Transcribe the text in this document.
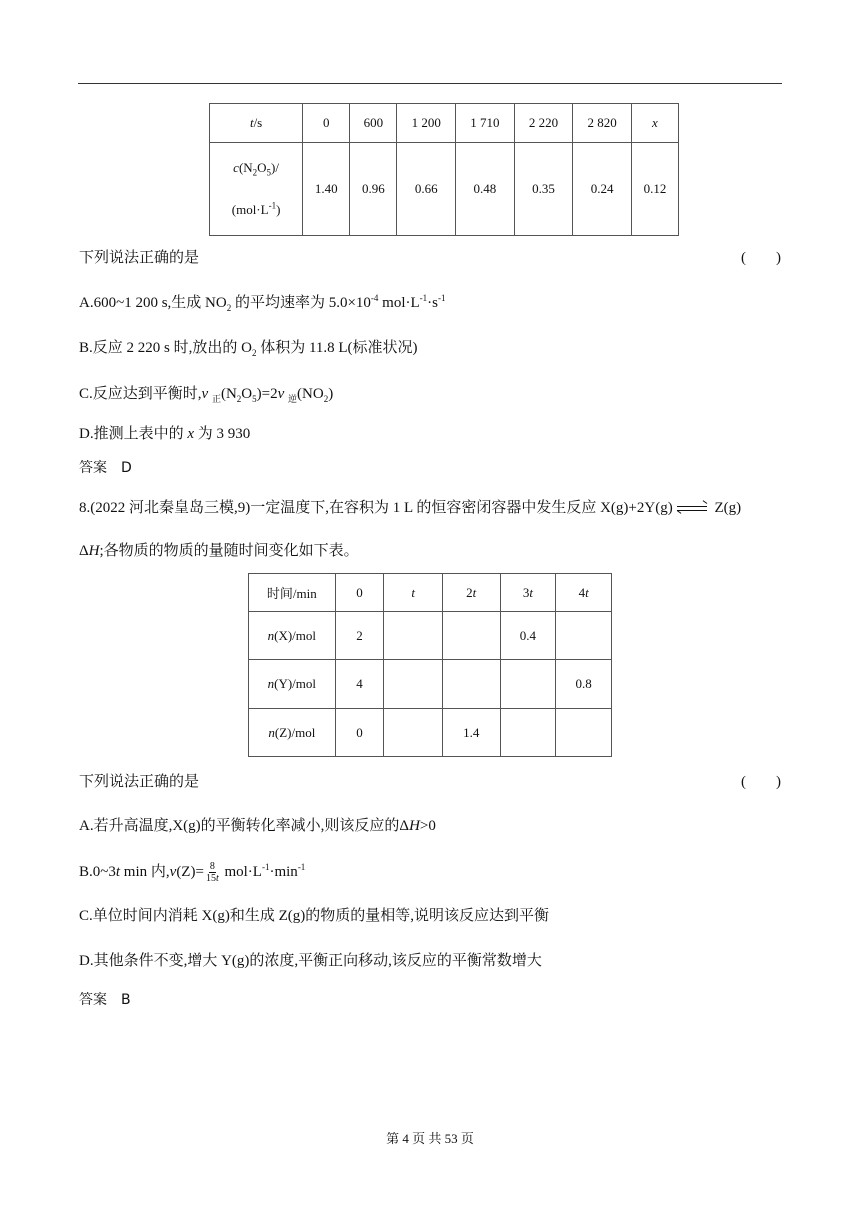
t/s	0	600	1 200	1 710	2 220	2 820	x

$c(N_2O_5)/$
$(mol\cdot L^{-1})$	1.40	0.96	0.66	0.48	0.35	0.24	0.12
下列说法正确的是	(　　)
A.600~1 200 s,生成 $NO_2$ 的平均速率为 $5.0\times 10^{-4}$ $mol\cdot L^{-1}\cdot s^{-1}$
B.反应 2 220 s 时,放出的 $O_2$ 体积为 11.8 L(标准状况)
C.反应达到平衡时,v $_正(N_2O_5)=2v$ $_逆(NO_2)$
D.推测上表中的 x 为 3 930
答案　D
8.(2022 河北秦皇岛三模,9)一定温度下,在容积为 1 L 的恒容密闭容器中发生反应 X(g)+2Y(g)	Z(g)
ΔH;各物质的物质的量随时间变化如下表。
时间/min	0	t	2t	3t	4t
n(X)/mol	2			0.4	
n(Y)/mol	4				0.8
n(Z)/mol	0		1.4		
下列说法正确的是	(　　)
A.若升高温度,X(g)的平衡转化率减小,则该反应的ΔH>0
B.0~3t min 内$,v(Z)= \frac{8}{15t} mol\cdot L^{-1}\cdot\min^{-1}$
C.单位时间内消耗 X(g)和生成 Z(g)的物质的量相等,说明该反应达到平衡
D.其他条件不变,增大 Y(g)的浓度,平衡正向移动,该反应的平衡常数增大
答案　B
第 4 页 共 53 页
